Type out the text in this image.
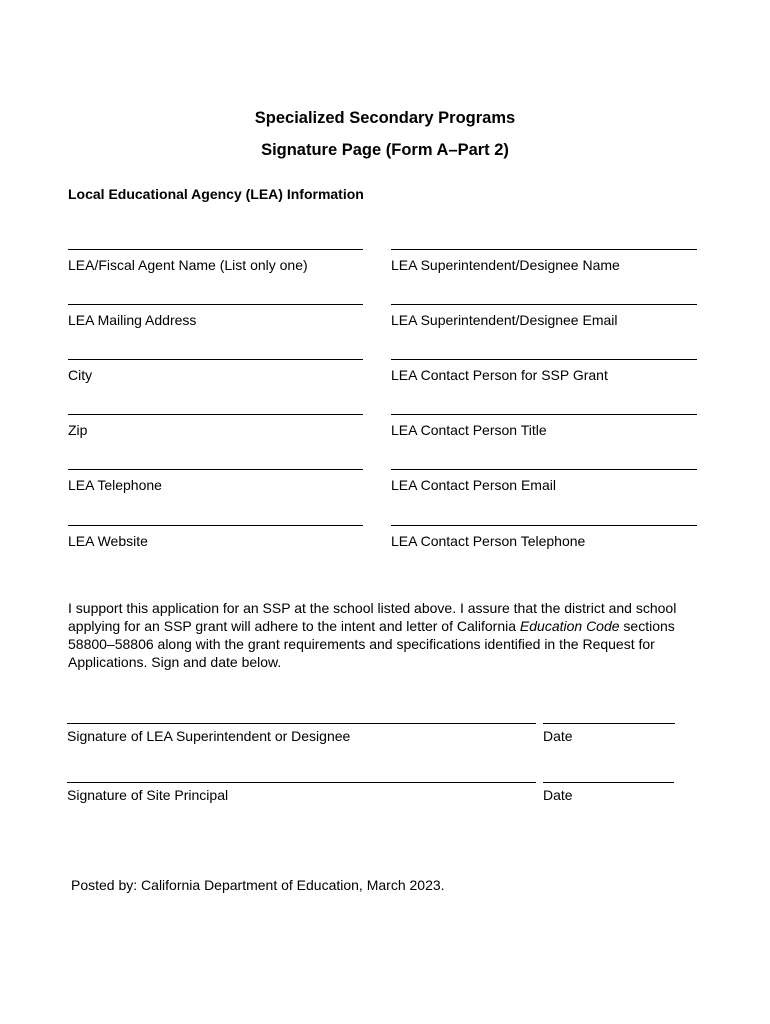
Specialized Secondary Programs
Signature Page (Form A–Part 2)
Local Educational Agency (LEA) Information
LEA/Fiscal Agent Name (List only one)
LEA Mailing Address
City
Zip
LEA Telephone
LEA Website
LEA Superintendent/Designee Name
LEA Superintendent/Designee Email
LEA Contact Person for SSP Grant
LEA Contact Person Title
LEA Contact Person Email
LEA Contact Person Telephone
I support this application for an SSP at the school listed above. I assure that the district and school applying for an SSP grant will adhere to the intent and letter of California Education Code sections 58800–58806 along with the grant requirements and specifications identified in the Request for Applications. Sign and date below.
Signature of LEA Superintendent or Designee	Date
Signature of Site Principal	Date
Posted by: California Department of Education, March 2023.
